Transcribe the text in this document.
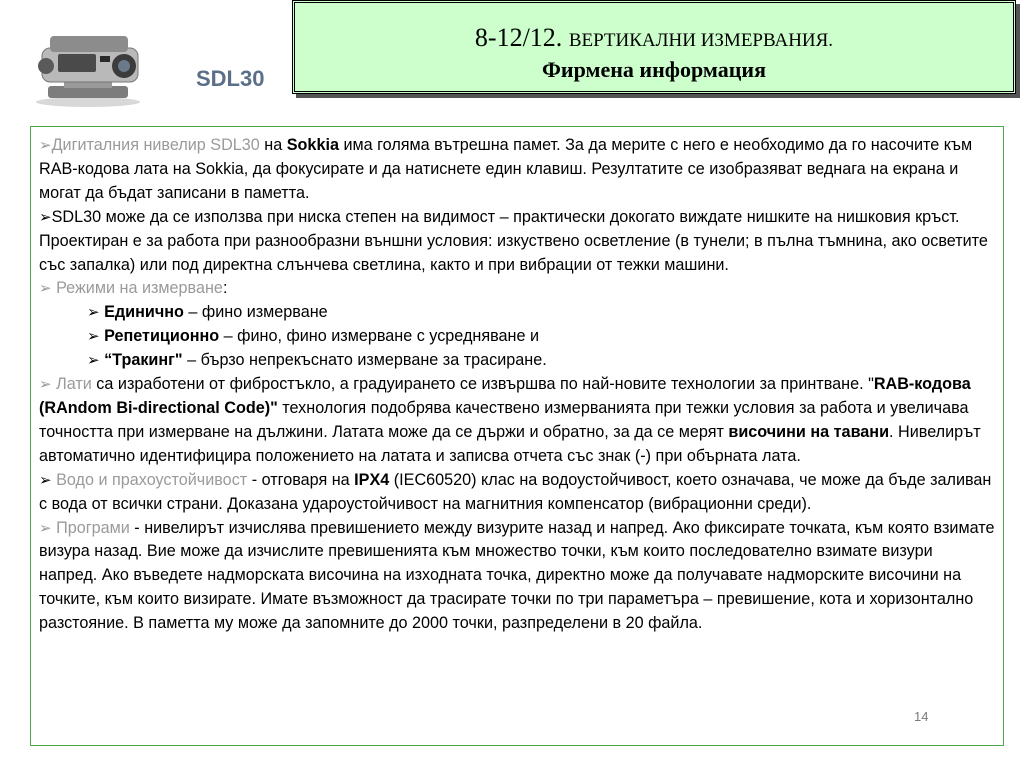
SDL30
8-12/12. ВЕРТИКАЛНИ ИЗМЕРВАНИЯ.
Фирмена информация

➢Дигиталния нивелир SDL30 на Sokkia има голяма вътрешна памет. За да мерите с него е необходимо да го насочите към RAB-кодова лата на Sokkia, да фокусирате и да натиснете един клавиш. Резултатите се изобразяват веднага на екрана и могат да бъдат записани в паметта.

➢SDL30 може да се използва при ниска степен на видимост – практически докогато виждате нишките на нишковия кръст.

Проектиран е за работа при разнообразни външни условия: изкуствено осветление (в тунели; в пълна тъмнина, ако осветите със запалка) или под директна слънчева светлина, както и при вибрации от тежки машини.

➢ Режими на измерване:

➢ Единично – фино измерване

➢ Репетиционно – фино, фино измерване с усредняване и

➢ “Тракинг" – бързо непрекъснато измерване за трасиране.

➢ Лати са изработени от фибростъкло, а градуирането се извършва по най-новите технологии за принтване. "RAB-кодова (RAndom Bi-directional Code)" технология подобрява качествено измерванията при тежки условия за работа и увеличава точността при измерване на дължини. Латата може да се държи и обратно, за да се мерят височини на тавани. Нивелирът автоматично идентифицира положението на латата и записва отчета със знак (-) при обърната лата.

➢ Водо и прахоустойчивост - отговаря на IPX4 (IEC60520) клас на водоустойчивост, което означава, че може да бъде заливан с вода от всички страни. Доказана удароустойчивост на магнитния компенсатор (вибрационни среди).

➢ Програми - нивелирът изчислява превишението между визурите назад и напред. Ако фиксирате точката, към която взимате визура назад. Вие може да изчислите превишенията към множество точки, към които последователно взимате визури напред. Ако въведете надморската височина на изходната точка, директно може да получавате надморските височини на точките, към които визирате. Имате възможност да трасирате точки по три параметъра – превишение, кота и хоризонтално разстояние. В паметта му може да запомните до 2000 точки, разпределени в 20 файла.

14
